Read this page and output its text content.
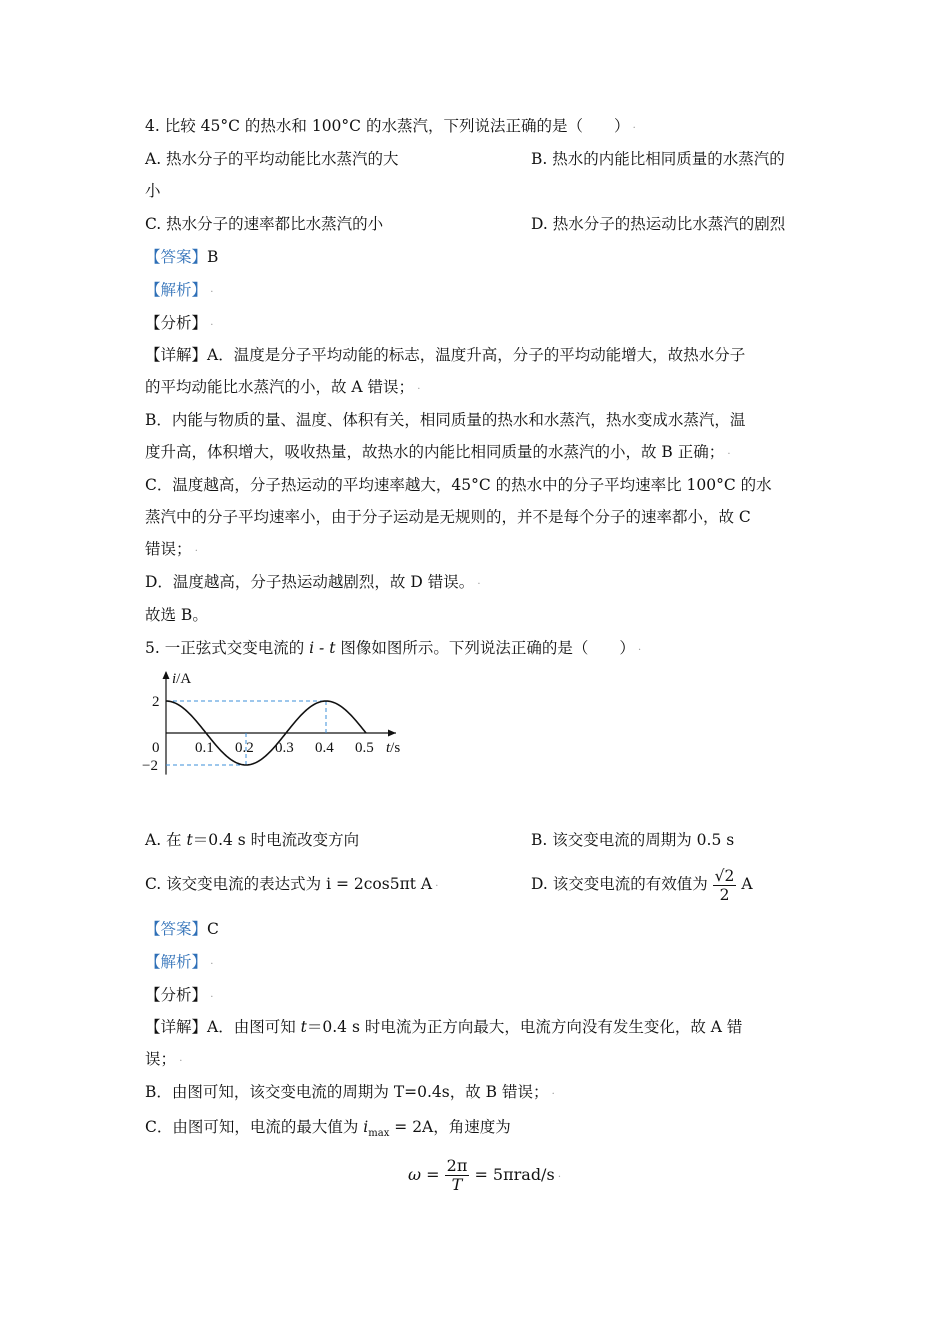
4. 比较 45°C 的热水和 100°C 的水蒸汽，下列说法正确的是（　　） ·
A. 热水分子的平均动能比水蒸汽的大	B. 热水的内能比相同质量的水蒸汽的
小
C. 热水分子的速率都比水蒸汽的小	D. 热水分子的热运动比水蒸汽的剧烈
【答案】B
【解析】 ·
【分析】 ·
【详解】A．温度是分子平均动能的标志，温度升高，分子的平均动能增大，故热水分子
的平均动能比水蒸汽的小，故 A 错误； ·
B．内能与物质的量、温度、体积有关，相同质量的热水和水蒸汽，热水变成水蒸汽，温
度升高，体积增大，吸收热量，故热水的内能比相同质量的水蒸汽的小，故 B 正确； ·
C．温度越高，分子热运动的平均速率越大，45°C 的热水中的分子平均速率比 100°C 的水
蒸汽中的分子平均速率小，由于分子运动是无规则的，并不是每个分子的速率都小，故 C
错误； ·
D．温度越高，分子热运动越剧烈，故 D 错误。 ·
故选 B。
5. 一正弦式交变电流的 i - t 图像如图所示。下列说法正确的是（　　） ·
i/A
2
−2
0 0.1 0.2 0.3 0.4 0.5 t/s
A. 在 t＝0.4 s 时电流改变方向	B. 该交变电流的周期为 0.5 s
C. 该交变电流的表达式为 i = 2cos5πt A ·	D. 该交变电流的有效值为 $\frac{√2}{2}$ A
【答案】C
【解析】 ·
【分析】 ·
【详解】A．由图可知 t＝0.4 s 时电流为正方向最大，电流方向没有发生变化，故 A 错
误； ·
B．由图可知，该交变电流的周期为 T=0.4s，故 B 错误； ·
C．由图可知，电流的最大值为 $i_{max} = 2A$，角速度为
$\omega = \frac{2\pi}{T} = 5\pi rad/s$ ·
